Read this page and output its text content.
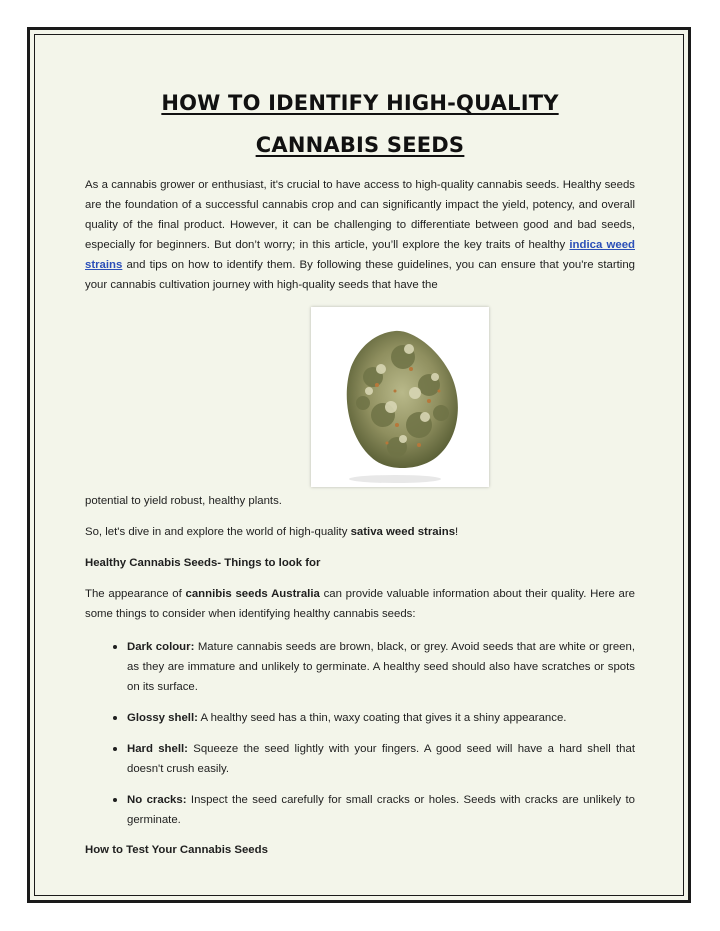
HOW TO IDENTIFY HIGH-QUALITY
CANNABIS SEEDS

As a cannabis grower or enthusiast, it's crucial to have access to high-quality cannabis seeds. Healthy seeds are the foundation of a successful cannabis crop and can significantly impact the yield, potency, and overall quality of the final product. However, it can be challenging to differentiate between good and bad seeds, especially for beginners. But don’t worry; in this article, you’ll explore the key traits of healthy indica weed strains and tips on how to identify them. By following these guidelines, you can ensure that you're starting your cannabis cultivation journey with high-quality seeds that have the

potential to yield robust, healthy plants.

So, let's dive in and explore the world of high-quality sativa weed strains!

Healthy Cannabis Seeds- Things to look for

The appearance of cannibis seeds Australia can provide valuable information about their quality. Here are some things to consider when identifying healthy cannabis seeds:

• Dark colour: Mature cannabis seeds are brown, black, or grey. Avoid seeds that are white or green, as they are immature and unlikely to germinate. A healthy seed should also have scratches or spots on its surface.
• Glossy shell: A healthy seed has a thin, waxy coating that gives it a shiny appearance.
• Hard shell: Squeeze the seed lightly with your fingers. A good seed will have a hard shell that doesn't crush easily.
• No cracks: Inspect the seed carefully for small cracks or holes. Seeds with cracks are unlikely to germinate.

How to Test Your Cannabis Seeds
